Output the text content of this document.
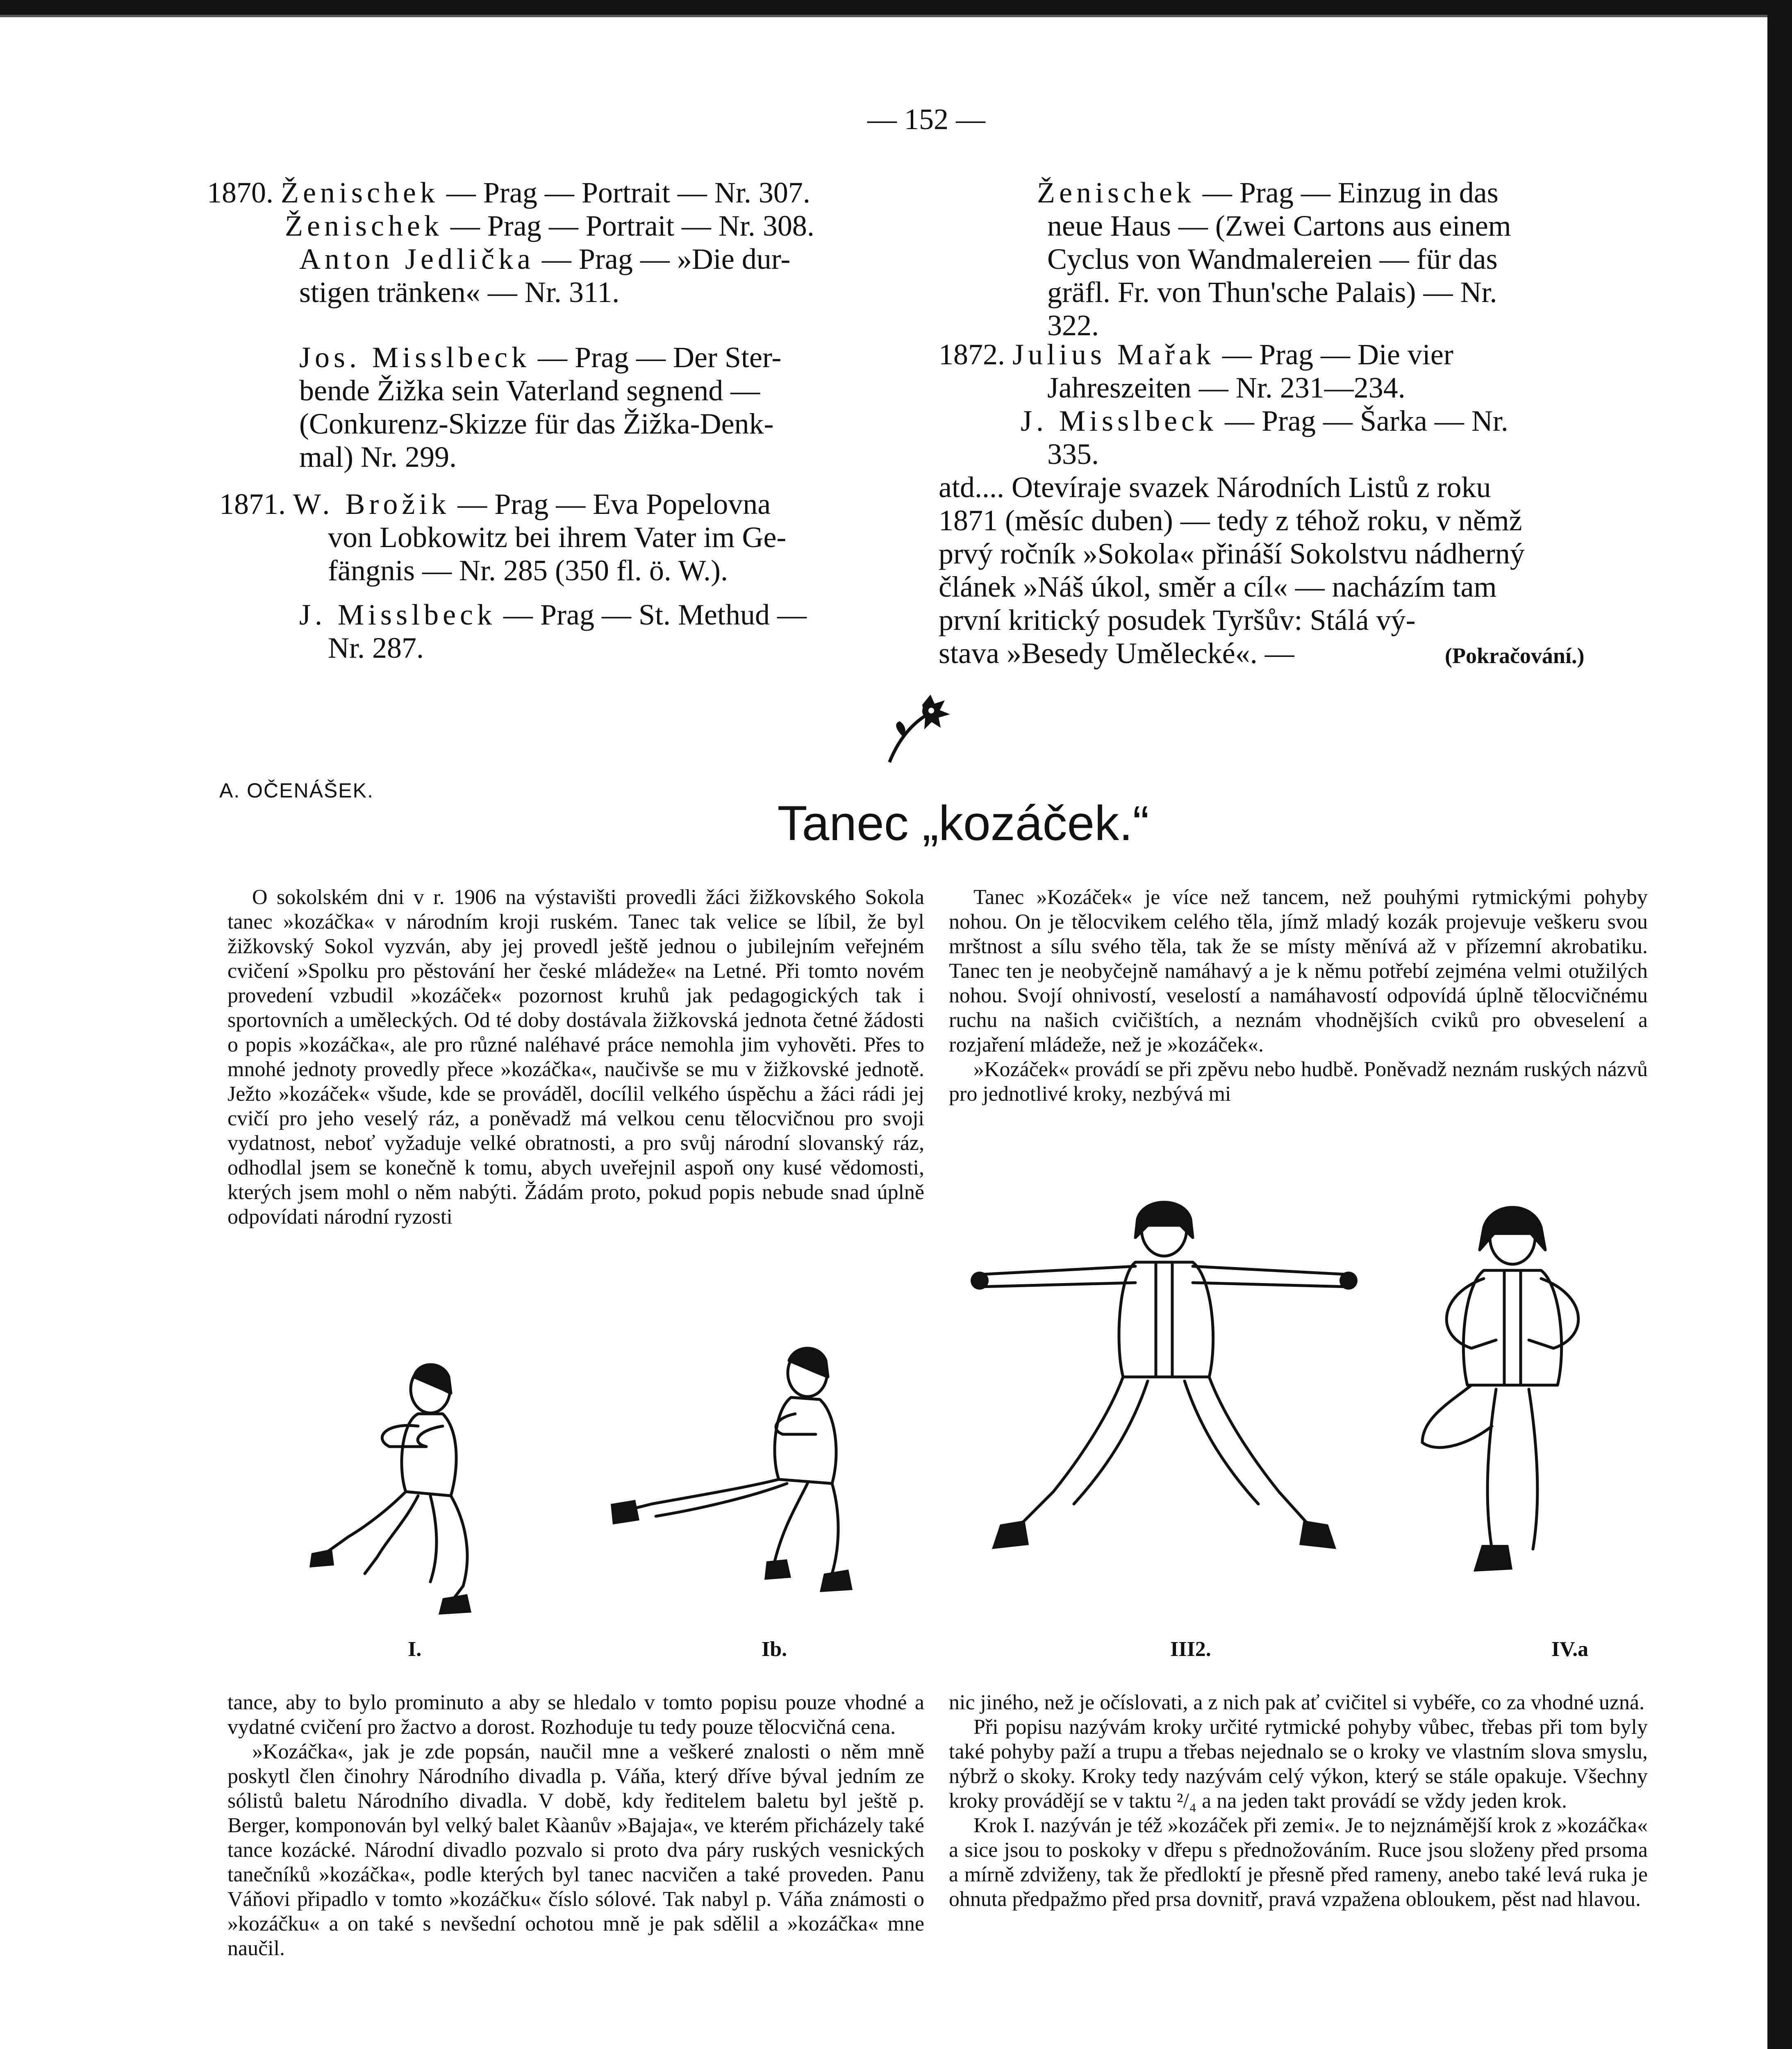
— 152 —
1870. Ženischek — Prag — Portrait — Nr. 307.
Ženischek — Prag — Portrait — Nr. 308.
Anton Jedlička — Prag — »Die dur-
stigen tränken« — Nr. 311.
Jos. Misslbeck — Prag — Der Ster-
bende Žižka sein Vaterland segnend —
(Conkurenz-Skizze für das Žižka-Denk-
mal) Nr. 299.
1871. W. Brožik — Prag — Eva Popelovna
von Lobkowitz bei ihrem Vater im Ge-
fängnis — Nr. 285 (350 fl. ö. W.).
J. Misslbeck — Prag — St. Methud —
Nr. 287.
Ženischek — Prag — Einzug in das
neue Haus — (Zwei Cartons aus einem
Cyclus von Wandmalereien — für das
gräfl. Fr. von Thun'sche Palais) — Nr.
322.
1872. Julius Mařak — Prag — Die vier
Jahreszeiten — Nr. 231—234.
J. Misslbeck — Prag — Šarka — Nr.
335.
atd.... Otevíraje svazek Národních Listů z roku
1871 (měsíc duben) — tedy z téhož roku, v němž
prvý ročník »Sokola« přináší Sokolstvu nádherný
článek »Náš úkol, směr a cíl« — nacházím tam
první kritický posudek Tyršův: Stálá vý-
stava »Besedy Umělecké«. —	(Pokračování.)
A. OČENÁŠEK.
Tanec „kozáček.“

O sokolském dni v r. 1906 na výstavišti provedli žáci žižkovského Sokola tanec »kozáčka« v národním kroji ruském. Tanec tak velice se líbil, že byl žižkovský Sokol vyzván, aby jej provedl ještě jednou o jubilejním veřejném cvičení »Spolku pro pěstování her české mládeže« na Letné. Při tomto novém provedení vzbudil »kozáček« pozornost kruhů jak pedagogických tak i sportovních a uměleckých. Od té doby dostávala žižkovská jednota četné žádosti o popis »kozáčka«, ale pro různé naléhavé práce nemohla jim vyhověti. Přes to mnohé jednoty provedly přece »kozáčka«, naučivše se mu v žižkovské jednotě. Ježto »kozáček« všude, kde se prováděl, docílil velkého úspěchu a žáci rádi jej cvičí pro jeho veselý ráz, a poněvadž má velkou cenu tělocvičnou pro svoji vydatnost, neboť vyžaduje velké obratnosti, a pro svůj národní slovanský ráz, odhodlal jsem se konečně k tomu, abych uveřejnil aspoň ony kusé vědomosti, kterých jsem mohl o něm nabýti. Žádám proto, pokud popis nebude snad úplně odpovídati národní ryzosti

Tanec »Kozáček« je více než tancem, než pouhými rytmickými pohyby nohou. On je tělocvikem celého těla, jímž mladý kozák projevuje veškeru svou mrštnost a sílu svého těla, tak že se místy měnívá až v přízemní akrobatiku. Tanec ten je neobyčejně namáhavý a je k němu potřebí zejména velmi otužilých nohou. Svojí ohnivostí, veselostí a namáhavostí odpovídá úplně tělocvičnému ruchu na našich cvičištích, a neznám vhodnějších cviků pro obveselení a rozjaření mládeže, než je »kozáček«.

»Kozáček« provádí se při zpěvu nebo hudbě. Poněvadž neznám ruských názvů pro jednotlivé kroky, nezbývá mi

I.	Ib.	III2.	IV.a

tance, aby to bylo prominuto a aby se hledalo v tomto popisu pouze vhodné a vydatné cvičení pro žactvo a dorost. Rozhoduje tu tedy pouze tělocvičná cena.

»Kozáčka«, jak je zde popsán, naučil mne a veškeré znalosti o něm mně poskytl člen činohry Národního divadla p. Váňa, který dříve býval jedním ze sólistů baletu Národního divadla. V době, kdy ředitelem baletu byl ještě p. Berger, komponován byl velký balet Kàanův »Bajaja«, ve kterém přicházely také tance kozácké. Národní divadlo pozvalo si proto dva páry ruských vesnických tanečníků »kozáčka«, podle kterých byl tanec nacvičen a také proveden. Panu Váňovi připadlo v tomto »kozáčku« číslo sólové. Tak nabyl p. Váňa známosti o »kozáčku« a on také s nevšední ochotou mně je pak sdělil a »kozáčka« mne naučil.

nic jiného, než je očíslovati, a z nich pak ať cvičitel si vybéře, co za vhodné uzná.

Při popisu nazývám kroky určité rytmické pohyby vůbec, třebas při tom byly také pohyby paží a trupu a třebas nejednalo se o kroky ve vlastním slova smyslu, nýbrž o skoky. Kroky tedy nazývám celý výkon, který se stále opakuje. Všechny kroky provádějí se v taktu ²/₄ a na jeden takt provádí se vždy jeden krok.

Krok I. nazýván je též »kozáček při zemi«. Je to nejznámější krok z »kozáčka« a sice jsou to poskoky v dřepu s přednožováním. Ruce jsou složeny před prsoma a mírně zdviženy, tak že předloktí je přesně před rameny, anebo také levá ruka je ohnuta předpažmo před prsa dovnitř, pravá vzpažena obloukem, pěst nad hlavou.
